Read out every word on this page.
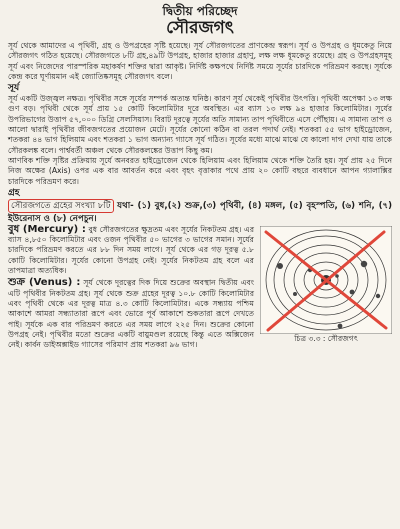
দ্বিতীয় পরিচ্ছেদ
সৌরজগৎ

সূর্য থেকে আমাদের এ পৃথিবী, গ্রহ ও উপগ্রহের সৃষ্টি হয়েছে। সূর্য সৌরজগতের প্রাণকেন্দ্র স্বরূপ। সূর্য ও উপগ্রহ ও ধূমকেতু নিয়ে সৌরজগৎ গঠিত হয়েছে। সৌরজগতে ৮টি গ্রহ,৪৯টি উপগ্রহ, হাজার হাজার গ্রহাণু, লক্ষ লক্ষ ধূমকেতু রয়েছে। গ্রহ ও উপগ্রহসমূহ সূর্য এবং নিজেদের পারস্পরিক মহাকর্ষণ শক্তির দ্বারা আকৃষ্ট। নির্দিষ্ট কক্ষপথে নির্দিষ্ট সময়ে সূর্যের চারদিকে পরিভ্রমণ করছে। সূর্যকে কেন্দ্র করে ঘূর্ণায়মান এই জ্যোতিষ্কসমূহ সৌরজগৎ বলে।

সূর্য

সূর্য একটি উজ্জ্বল নক্ষত্র। পৃথিবীর সঙ্গে সূর্যের সম্পর্ক অত্যন্ত ঘনিষ্ঠ। কারণ সূর্য থেকেই পৃথিবীর উৎপত্তি। পৃথিবী অপেক্ষা ১৩ লক্ষ গুণ বড়। পৃথিবী থেকে সূর্য প্রায় ১৫ কোটি কিলোমিটার দূরে অবস্থিত। এর ব্যাস ১৩ লক্ষ ৯৪ হাজার কিলোমিটার। সূর্যের উপরিভাগের উত্তাপ ৫৭,০০০ ডিগ্রি সেলসিয়াস। বিরাট দূরত্বে সূর্যের অতি সামান্য তাপ পৃথিবীতে এসে পৌঁছায়। এ সামান্য তাপ ও আলো দ্বারাই পৃথিবীর জীবজগতের প্রয়োজন মেটে। সূর্যের কোনো কঠিন বা তরল পদার্থ নেই। শতকরা ৫৫ ভাগ হাইড্রোজেন, শতকরা ৪৪ ভাগ হিলিয়াম এবং শতকরা ১ ভাগ অন্যান্য গ্যাসে সূর্য গঠিত। সূর্যের মধ্যে মাঝে মাঝে যে কালো দাগ দেখা যায় তাকে সৌরকলঙ্ক বলে। পার্শ্ববর্তী অঞ্চল থেকে সৌরকলঙ্কের উত্তাপ কিছু কম।

আণবিক শক্তি সৃষ্টির প্রক্রিয়ায় সূর্যে অনবরত হাইড্রোজেন থেকে হিলিয়াম এবং হিলিয়াম থেকে শক্তি তৈরি হয়। সূর্য প্রায় ২৫ দিনে নিজ অক্ষের (Axis) ওপর এক বার আবর্তন করে এবং বৃহৎ বৃত্তাকার পথে প্রায় ২০ কোটি বছরে ব্যবধানে আপন গ্যালাক্সির চারদিকে পরিভ্রমণ করে।

গ্রহ

সৌরজগতে গ্রহের সংখ্যা ৮টি যথা- (১) বুধ,(২) শুক্র,(৩) পৃথিবী, (৪) মঙ্গল, (৫) বৃহস্পতি, (৬) শনি, (৭) ইউরেনাস ও (৮) নেপচুন।

চিত্র ৩.৩ : সৌরজগৎ

বুধ (Mercury) : বুধ সৌরজগতের ক্ষুদ্রতম এবং সূর্যের নিকটতম গ্রহ। এর ব্যাস ৪,৮৫০ কিলোমিটার এবং ওজন পৃথিবীর ৫০ ভাগের ৩ ভাগের সমান। সূর্যের চারদিকে পরিভ্রমণ করতে এর ৮৮ দিন সময় লাগে। সূর্য থেকে এর গড় দূরত্ব ৫.৮ কোটি কিলোমিটার। সূর্যের কোনো উপগ্রহ নেই। সূর্যের নিকটতম গ্রহ বলে এর তাপমাত্রা অত্যধিক।

শুক্র (Venus) : সূর্য থেকে দূরত্বের দিক দিয়ে শুক্রের অবস্থান দ্বিতীয় এবং এটি পৃথিবীর নিকটতম গ্রহ। সূর্য থেকে শুক্র গ্রহের দূরত্ব ১০.৮ কোটি কিলোমিটার এবং পৃথিবী থেকে এর দূরত্ব মাত্র ৪.৩ কোটি কিলোমিটার। একে সন্ধ্যায় পশ্চিম আকাশে আমরা সন্ধ্যাতারা রূপে এবং ভোরে পূর্ব আকাশে শুকতারা রূপে দেখতে পাই। সূর্যকে এক বার পরিভ্রমণ করতে এর সময় লাগে ২২৫ দিন। শুক্রের কোনো উপগ্রহ নেই। পৃথিবীর মতো শুক্রের একটি বায়ুমণ্ডল রয়েছে কিন্তু এতে অক্সিজেন নেই। কার্বন ডাইঅক্সাইড গ্যাসের পরিমাণ প্রায় শতকরা ৯৬ ভাগ।
